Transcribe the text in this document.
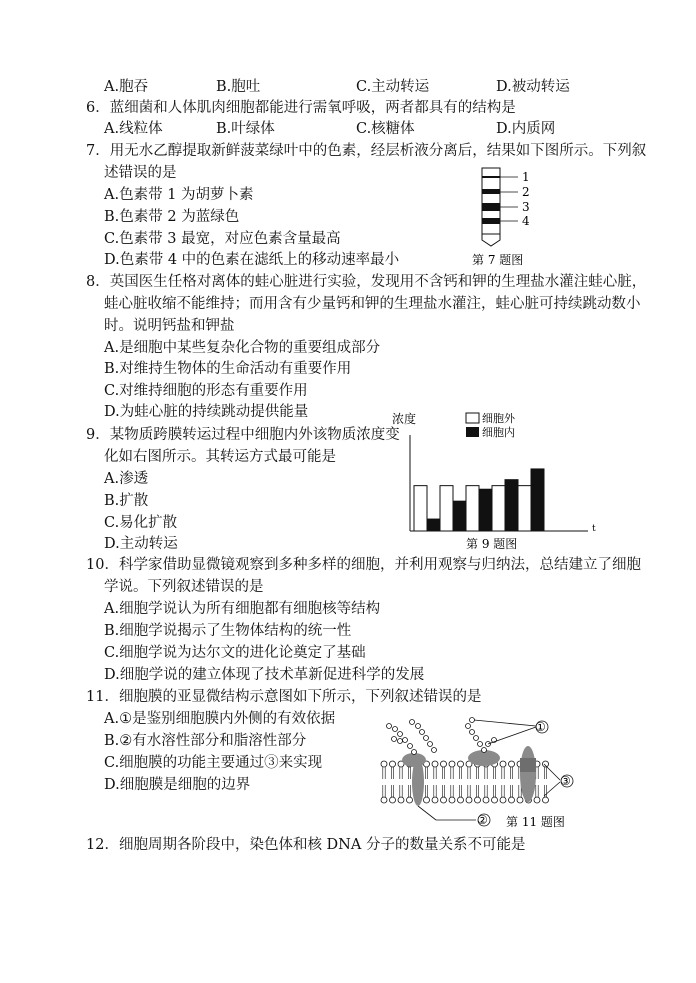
A.胞吞	B.胞吐	C.主动转运	D.被动转运
6．蓝细菌和人体肌肉细胞都能进行需氧呼吸，两者都具有的结构是
A.线粒体	B.叶绿体	C.核糖体	D.内质网
7．用无水乙醇提取新鲜菠菜绿叶中的色素，经层析液分离后，结果如下图所示。下列叙
述错误的是
A.色素带 1 为胡萝卜素
B.色素带 2 为蓝绿色
C.色素带 3 最宽，对应色素含量最高
D.色素带 4 中的色素在滤纸上的移动速率最小
1
2
3
4
第 7 题图
8．英国医生任格对离体的蛙心脏进行实验，发现用不含钙和钾的生理盐水灌注蛙心脏，
蛙心脏收缩不能维持；而用含有少量钙和钾的生理盐水灌注，蛙心脏可持续跳动数小
时。说明钙盐和钾盐
A.是细胞中某些复杂化合物的重要组成部分
B.对维持生物体的生命活动有重要作用
C.对维持细胞的形态有重要作用
D.为蛙心脏的持续跳动提供能量
9．某物质跨膜转运过程中细胞内外该物质浓度变
化如右图所示。其转运方式最可能是
A.渗透
B.扩散
C.易化扩散
D.主动转运
浓度
t
细胞外
细胞内
第 9 题图
10．科学家借助显微镜观察到多种多样的细胞，并利用观察与归纳法，总结建立了细胞
学说。下列叙述错误的是
A.细胞学说认为所有细胞都有细胞核等结构
B.细胞学说揭示了生物体结构的统一性
C.细胞学说为达尔文的进化论奠定了基础
D.细胞学说的建立体现了技术革新促进科学的发展
11．细胞膜的亚显微结构示意图如下所示，下列叙述错误的是
A.①是鉴别细胞膜内外侧的有效依据
B.②有水溶性部分和脂溶性部分
C.细胞膜的功能主要通过③来实现
D.细胞膜是细胞的边界
①
②
③
第 11 题图
12．细胞周期各阶段中，染色体和核 DNA 分子的数量关系不可能是
